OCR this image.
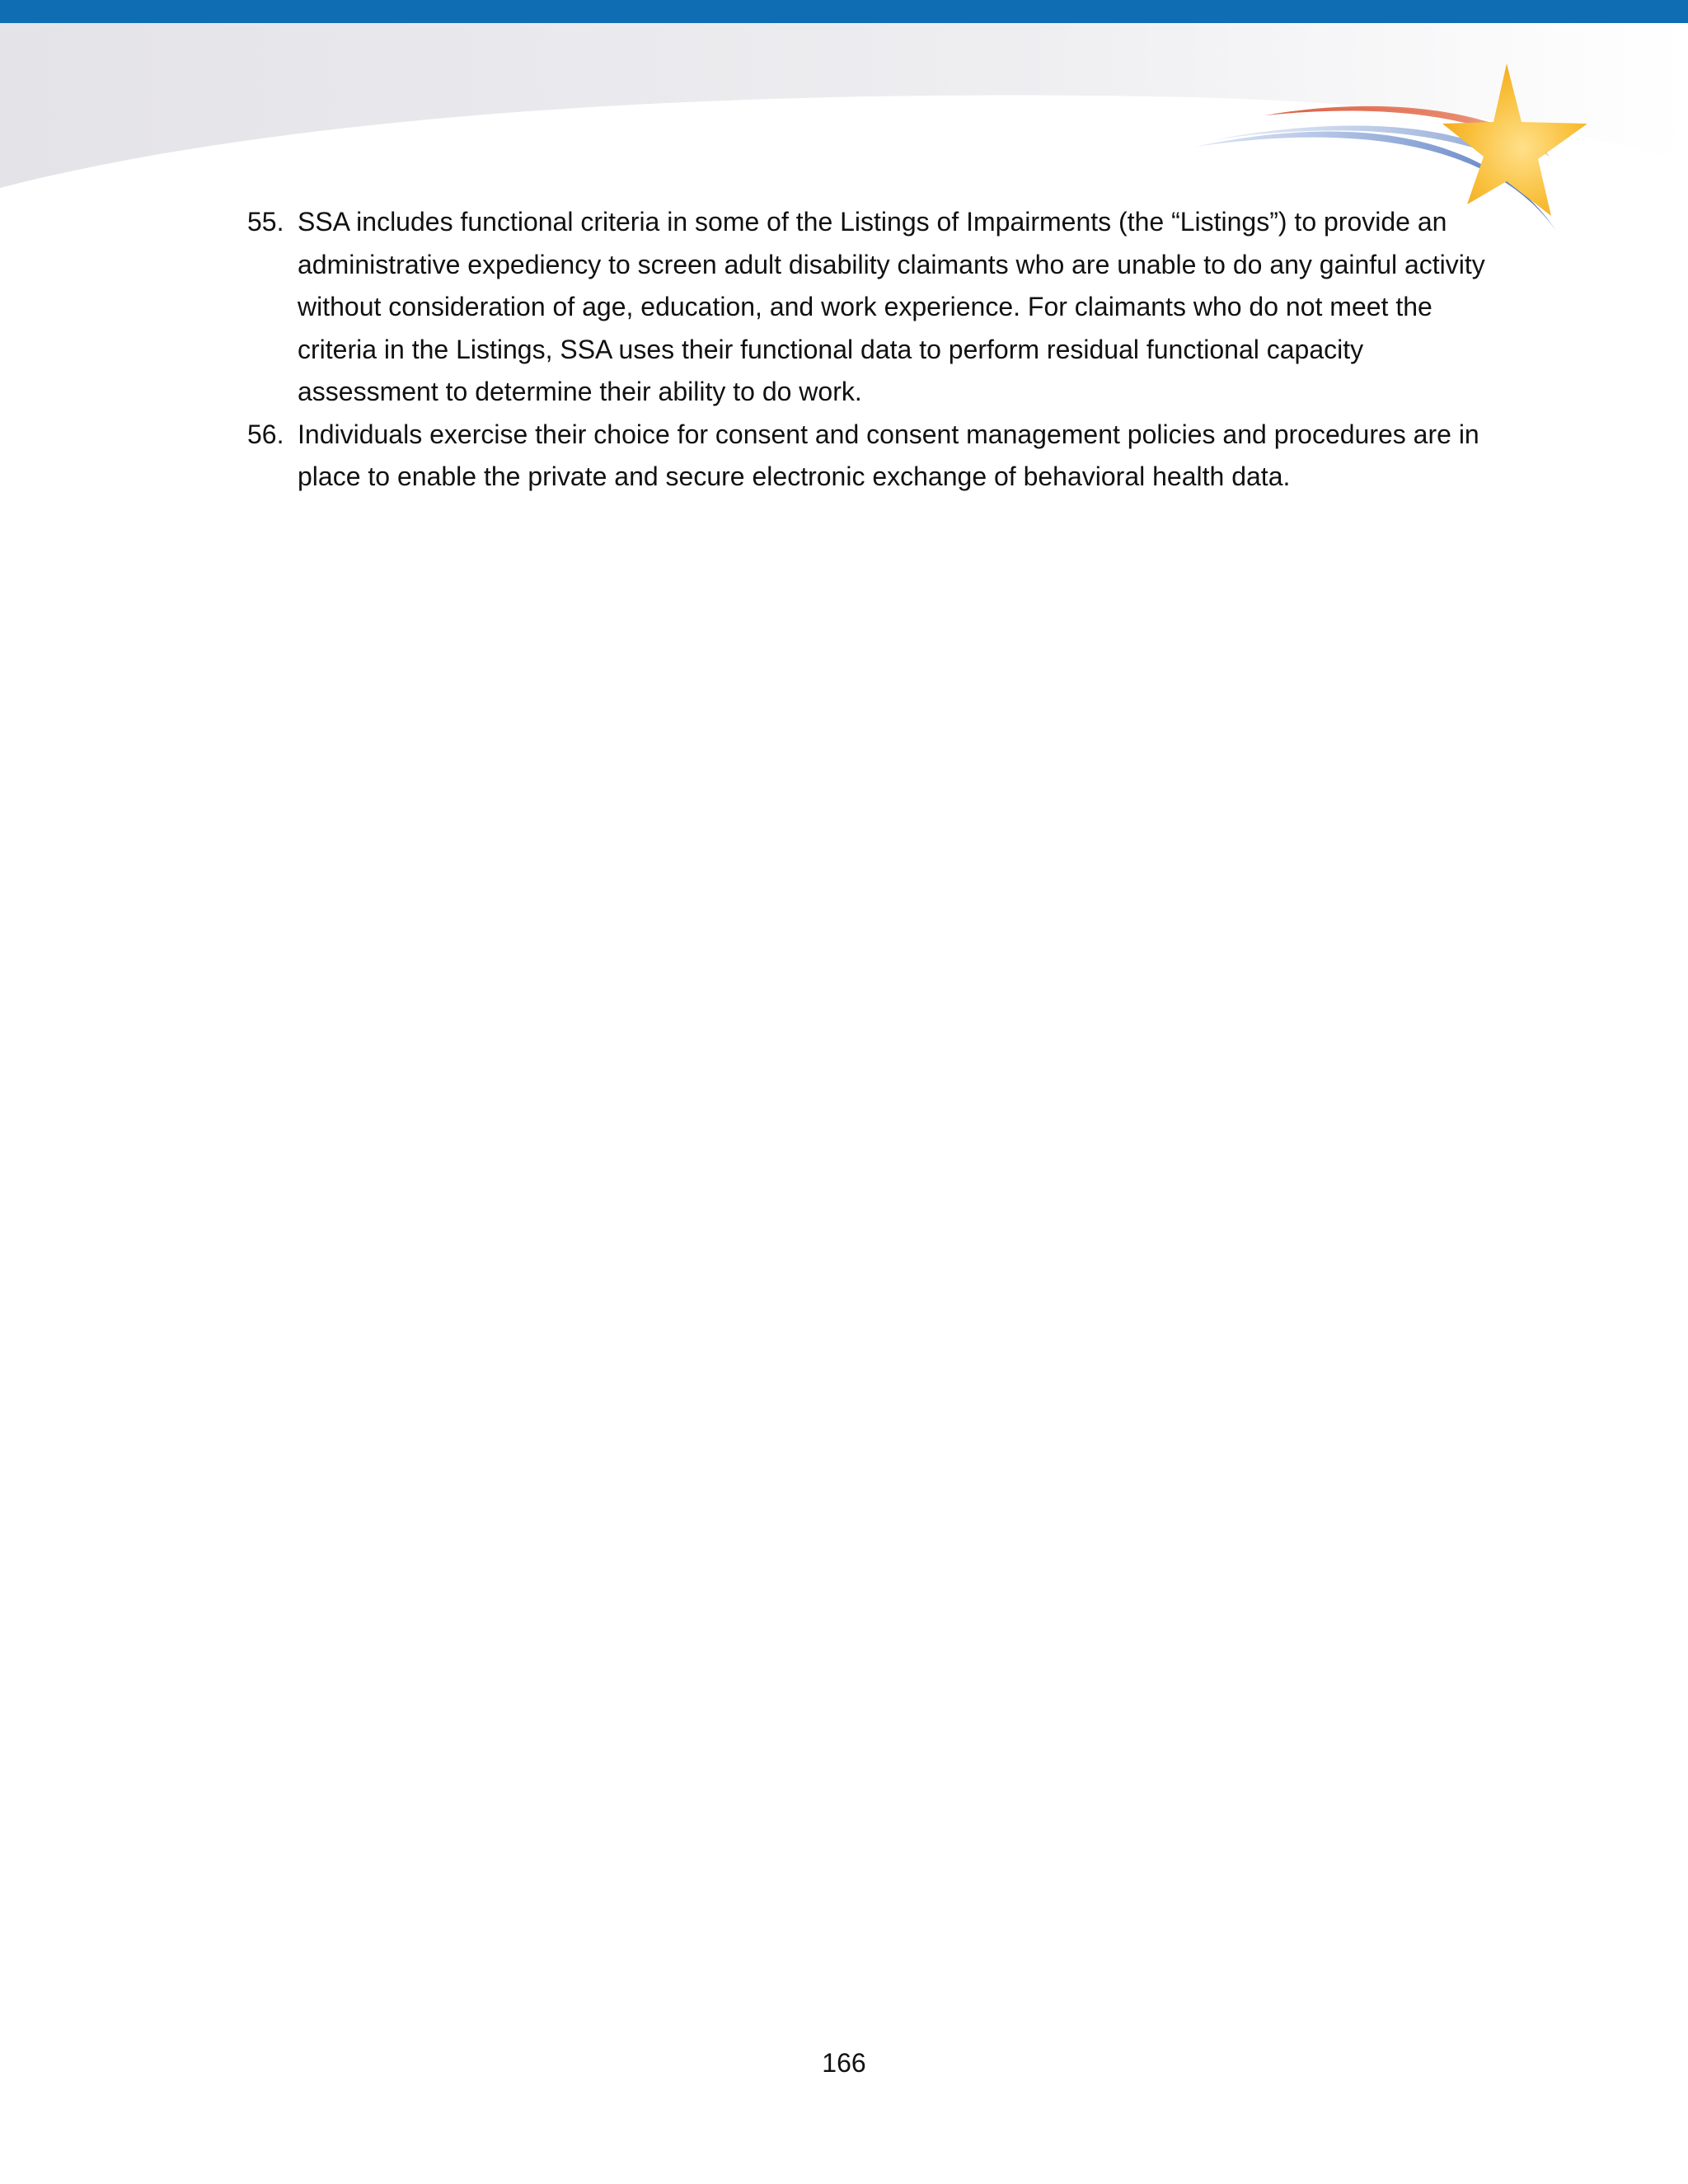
55. SSA includes functional criteria in some of the Listings of Impairments (the “Listings”) to provide an administrative expediency to screen adult disability claimants who are unable to do any gainful activity without consideration of age, education, and work experience. For claimants who do not meet the criteria in the Listings, SSA uses their functional data to perform residual functional capacity assessment to determine their ability to do work.
56. Individuals exercise their choice for consent and consent management policies and procedures are in place to enable the private and secure electronic exchange of behavioral health data.
166
